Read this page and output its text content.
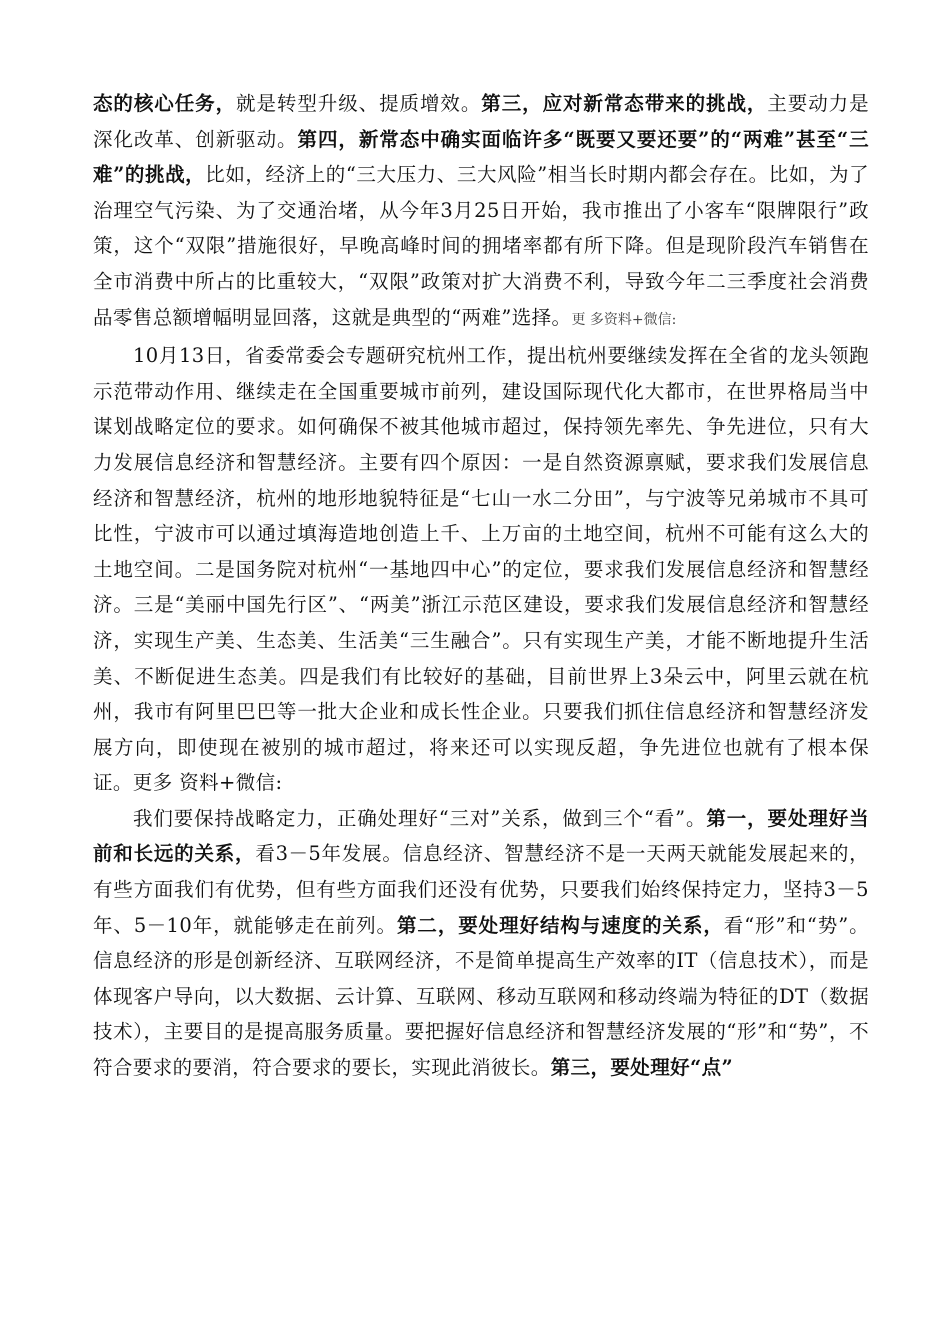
态的核心任务，就是转型升级、提质增效。第三，应对新常态带来的挑战，主要动力是深化改革、创新驱动。第四，新常态中确实面临许多“既要又要还要”的“两难”甚至“三难”的挑战，比如，经济上的“三大压力、三大风险”相当长时期内都会存在。比如，为了治理空气污染、为了交通治堵，从今年3月25日开始，我市推出了小客车“限牌限行”政策，这个“双限”措施很好，早晚高峰时间的拥堵率都有所下降。但是现阶段汽车销售在全市消费中所占的比重较大，“双限”政策对扩大消费不利，导致今年二三季度社会消费品零售总额增幅明显回落，这就是典型的“两难”选择。更 多资料+微信:

10月13日，省委常委会专题研究杭州工作，提出杭州要继续发挥在全省的龙头领跑示范带动作用、继续走在全国重要城市前列，建设国际现代化大都市，在世界格局当中谋划战略定位的要求。如何确保不被其他城市超过，保持领先率先、争先进位，只有大力发展信息经济和智慧经济。主要有四个原因：一是自然资源禀赋，要求我们发展信息经济和智慧经济，杭州的地形地貌特征是“七山一水二分田”，与宁波等兄弟城市不具可比性，宁波市可以通过填海造地创造上千、上万亩的土地空间，杭州不可能有这么大的土地空间。二是国务院对杭州“一基地四中心”的定位，要求我们发展信息经济和智慧经济。三是“美丽中国先行区”、“两美”浙江示范区建设，要求我们发展信息经济和智慧经济，实现生产美、生态美、生活美“三生融合”。只有实现生产美，才能不断地提升生活美、不断促进生态美。四是我们有比较好的基础，目前世界上3朵云中，阿里云就在杭州，我市有阿里巴巴等一批大企业和成长性企业。只要我们抓住信息经济和智慧经济发展方向，即使现在被别的城市超过，将来还可以实现反超，争先进位也就有了根本保证。更多 资料+微信:

我们要保持战略定力，正确处理好“三对”关系，做到三个“看”。第一，要处理好当前和长远的关系，看3－5年发展。信息经济、智慧经济不是一天两天就能发展起来的，有些方面我们有优势，但有些方面我们还没有优势，只要我们始终保持定力，坚持3－5年、5－10年，就能够走在前列。第二，要处理好结构与速度的关系，看“形”和“势”。信息经济的形是创新经济、互联网经济，不是简单提高生产效率的IT（信息技术），而是体现客户导向，以大数据、云计算、互联网、移动互联网和移动终端为特征的DT（数据技术），主要目的是提高服务质量。要把握好信息经济和智慧经济发展的“形”和“势”，不符合要求的要消，符合要求的要长，实现此消彼长。第三，要处理好“点”
